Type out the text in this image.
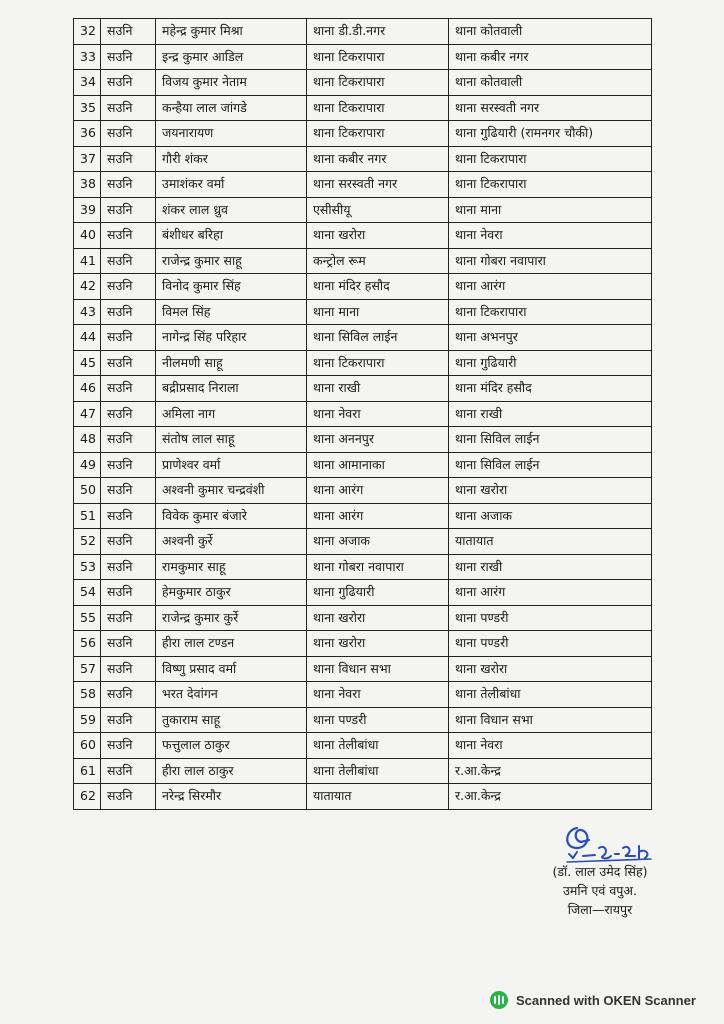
32	सउनि	महेन्द्र कुमार मिश्रा	थाना डी.डी.नगर	थाना कोतवाली
33	सउनि	इन्द्र कुमार आडिल	थाना टिकरापारा	थाना कबीर नगर
34	सउनि	विजय कुमार नेताम	थाना टिकरापारा	थाना कोतवाली
35	सउनि	कन्हैया लाल जांगडे	थाना टिकरापारा	थाना सरस्वती नगर
36	सउनि	जयनारायण	थाना टिकरापारा	थाना गुढियारी (रामनगर चौकी)
37	सउनि	गौरी शंकर	थाना कबीर नगर	थाना टिकरापारा
38	सउनि	उमाशंकर वर्मा	थाना सरस्वती नगर	थाना टिकरापारा
39	सउनि	शंकर लाल ध्रुव	एसीसीयू	थाना माना
40	सउनि	बंशीधर बरिहा	थाना खरोरा	थाना नेवरा
41	सउनि	राजेन्द्र कुमार साहू	कन्ट्रोल रूम	थाना गोबरा नवापारा
42	सउनि	विनोद कुमार सिंह	थाना मंदिर हसौद	थाना आरंग
43	सउनि	विमल सिंह	थाना माना	थाना टिकरापारा
44	सउनि	नागेन्द्र सिंह परिहार	थाना सिविल लाईन	थाना अभनपुर
45	सउनि	नीलमणी साहू	थाना टिकरापारा	थाना गुढियारी
46	सउनि	बद्रीप्रसाद निराला	थाना राखी	थाना मंदिर हसौद
47	सउनि	अमिला नाग	थाना नेवरा	थाना राखी
48	सउनि	संतोष लाल साहू	थाना अननपुर	थाना सिविल लाईन
49	सउनि	प्राणेश्वर वर्मा	थाना आमानाका	थाना सिविल लाईन
50	सउनि	अश्वनी कुमार चन्द्रवंशी	थाना आरंग	थाना खरोरा
51	सउनि	विवेक कुमार बंजारे	थाना आरंग	थाना अजाक
52	सउनि	अश्वनी कुर्रे	थाना अजाक	यातायात
53	सउनि	रामकुमार साहू	थाना गोबरा नवापारा	थाना राखी
54	सउनि	हेमकुमार ठाकुर	थाना गुढियारी	थाना आरंग
55	सउनि	राजेन्द्र कुमार कुर्रे	थाना खरोरा	थाना पण्डरी
56	सउनि	हीरा लाल टण्डन	थाना खरोरा	थाना पण्डरी
57	सउनि	विष्णु प्रसाद वर्मा	थाना विधान सभा	थाना खरोरा
58	सउनि	भरत देवांगन	थाना नेवरा	थाना तेलीबांधा
59	सउनि	तुकाराम साहू	थाना पण्डरी	थाना विधान सभा
60	सउनि	फत्तुलाल ठाकुर	थाना तेलीबांधा	थाना नेवरा
61	सउनि	हीरा लाल ठाकुर	थाना तेलीबांधा	र.आ.केन्द्र
62	सउनि	नरेन्द्र सिरमौर	यातायात	र.आ.केन्द्र
(डॉ. लाल उमेद सिंह)
उमनि एवं वपुअ.
जिला—रायपुर
Scanned with OKEN Scanner
